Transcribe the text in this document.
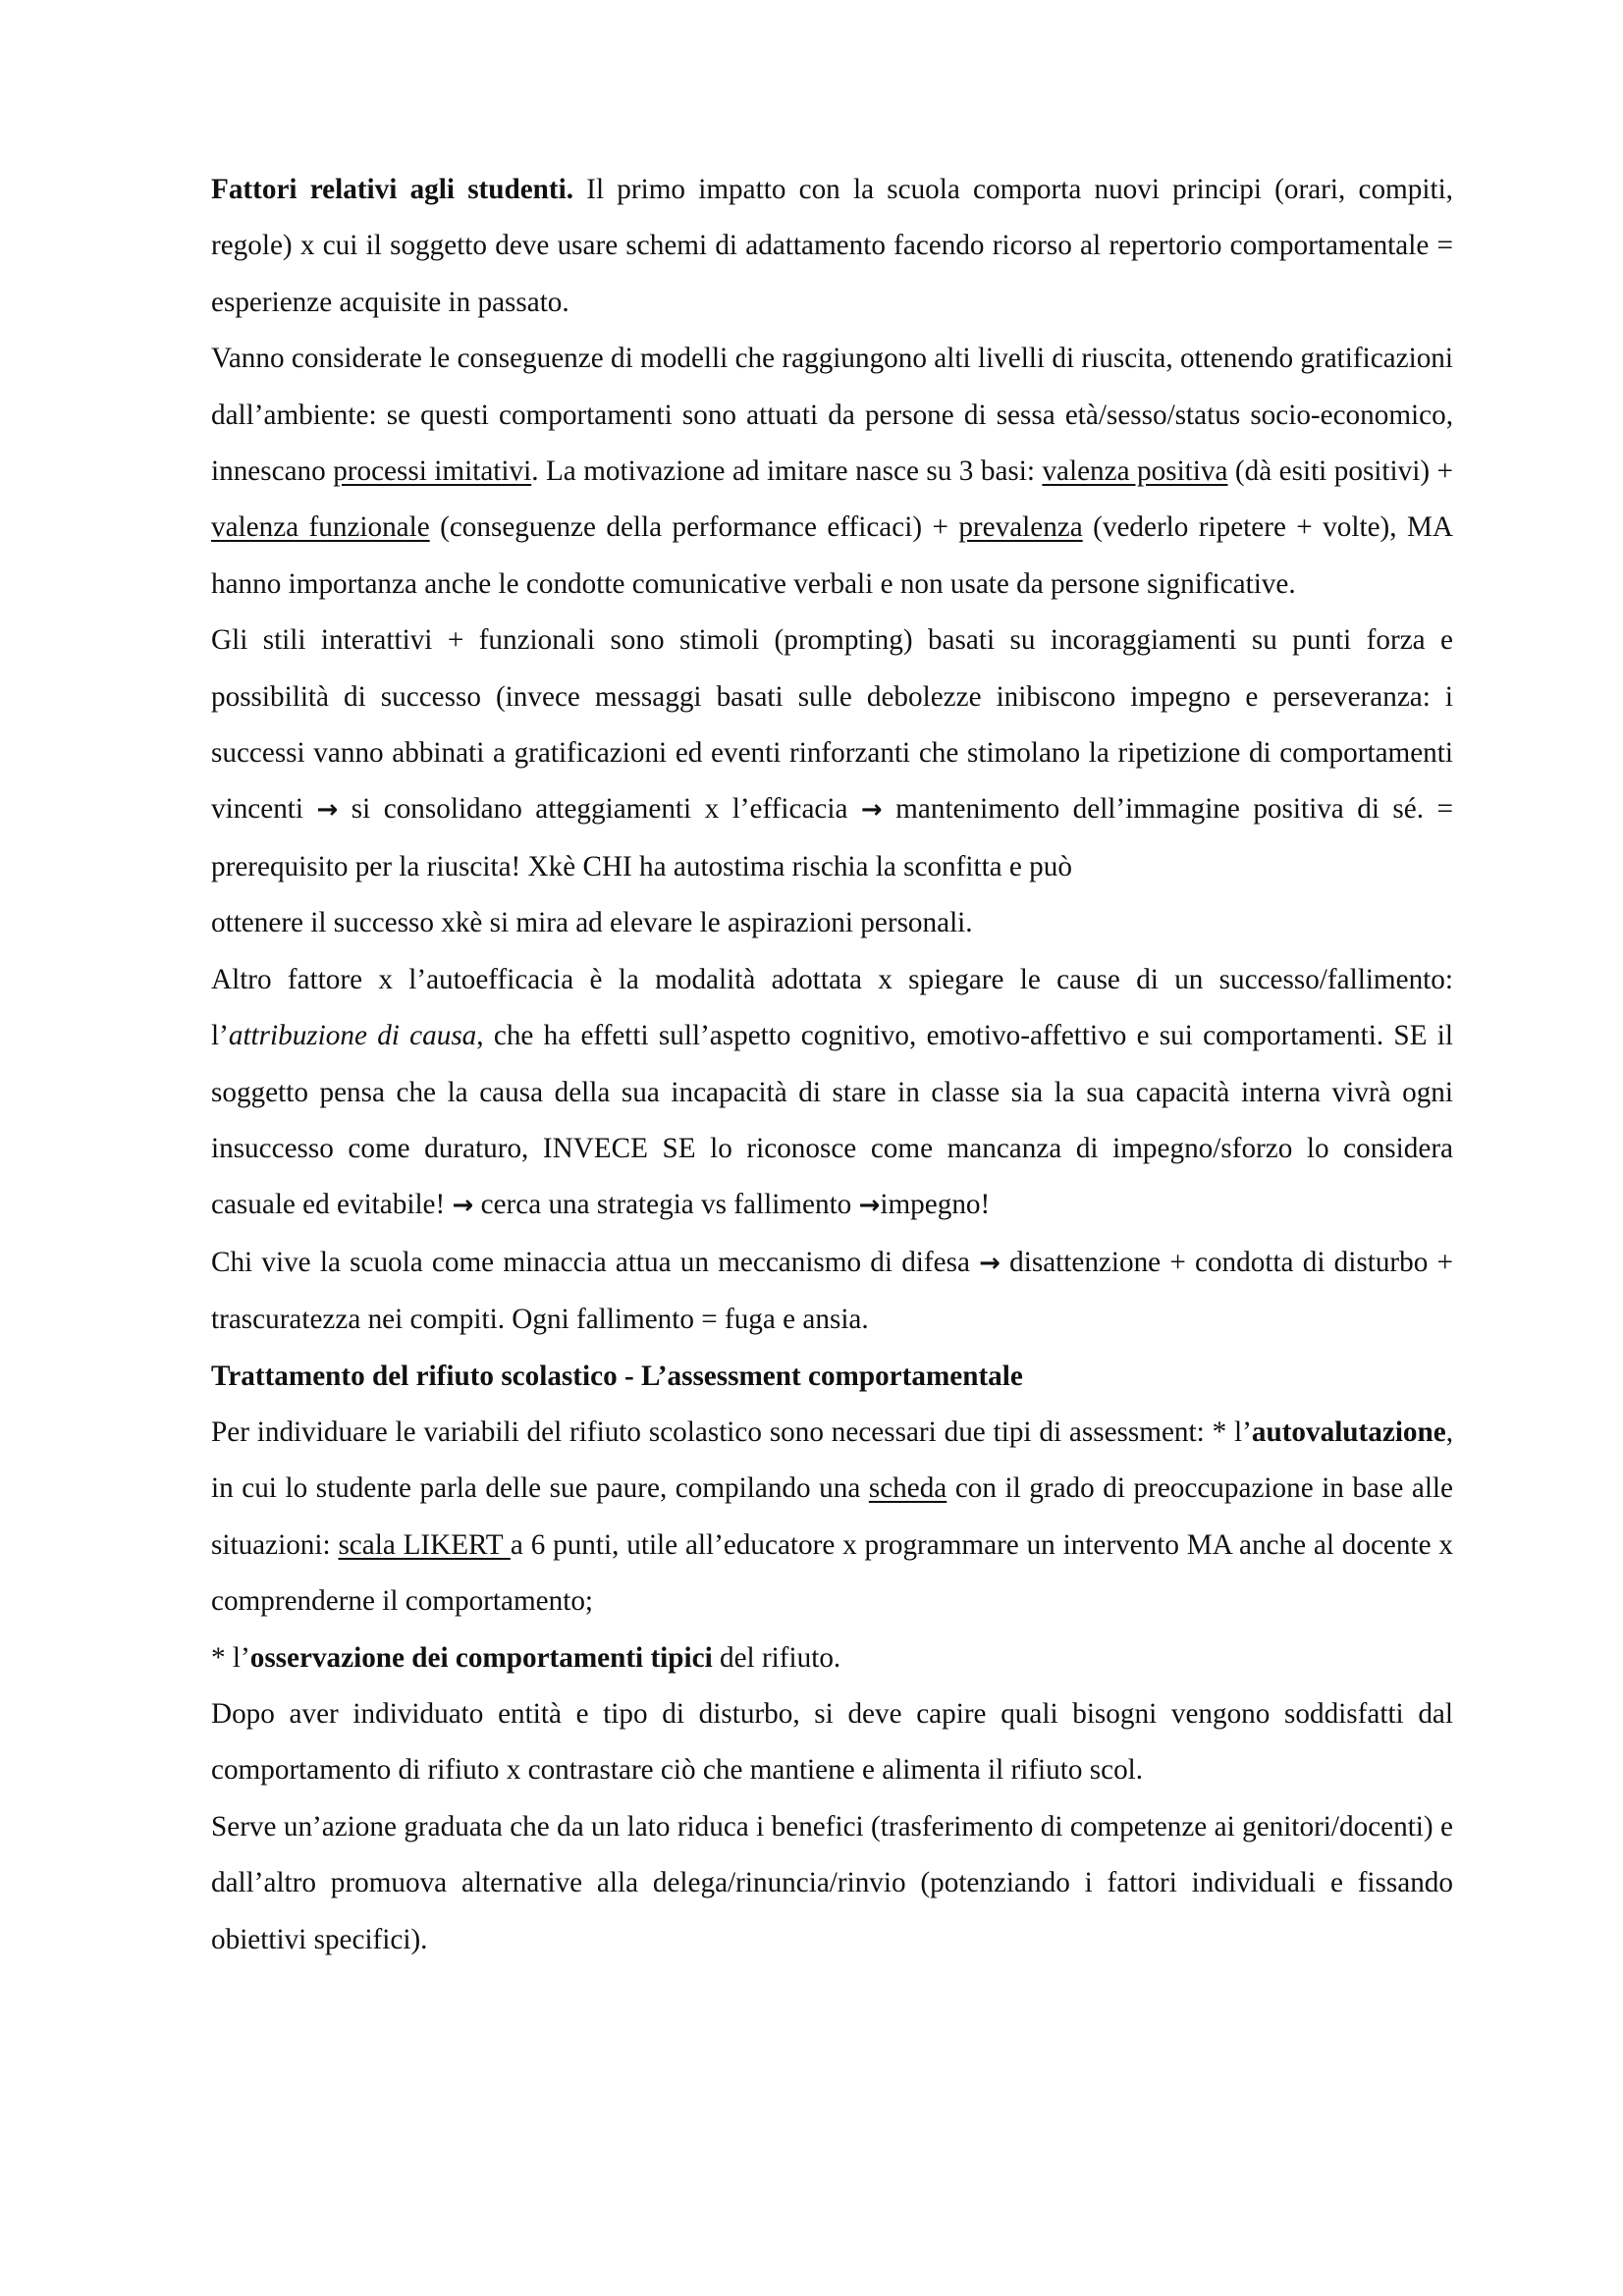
Fattori relativi agli studenti. Il primo impatto con la scuola comporta nuovi principi (orari, compiti, regole) x cui il soggetto deve usare schemi di adattamento facendo ricorso al repertorio comportamentale = esperienze acquisite in passato.

Vanno considerate le conseguenze di modelli che raggiungono alti livelli di riuscita, ottenendo gratificazioni dall’ambiente: se questi comportamenti sono attuati da persone di sessa età/sesso/status socio-economico, innescano processi imitativi. La motivazione ad imitare nasce su 3 basi: valenza positiva (dà esiti positivi) + valenza funzionale (conseguenze della performance efficaci) + prevalenza (vederlo ripetere + volte), MA hanno importanza anche le condotte comunicative verbali e non usate da persone significative.

Gli stili interattivi + funzionali sono stimoli (prompting) basati su incoraggiamenti su punti forza e possibilità di successo (invece messaggi basati sulle debolezze inibiscono impegno e perseveranza: i successi vanno abbinati a gratificazioni ed eventi rinforzanti che stimolano la ripetizione di comportamenti vincenti → si consolidano atteggiamenti x l’efficacia → mantenimento dell’immagine positiva di sé. = prerequisito per la riuscita! Xkè CHI ha autostima rischia la sconfitta e può

ottenere il successo xkè si mira ad elevare le aspirazioni personali.

Altro fattore x l’autoefficacia è la modalità adottata x spiegare le cause di un successo/fallimento: l’attribuzione di causa, che ha effetti sull’aspetto cognitivo, emotivo-affettivo e sui comportamenti. SE il soggetto pensa che la causa della sua incapacità di stare in classe sia la sua capacità interna vivrà ogni insuccesso come duraturo, INVECE SE lo riconosce come mancanza di impegno/sforzo lo considera casuale ed evitabile! → cerca una strategia vs fallimento →impegno!

Chi vive la scuola come minaccia attua un meccanismo di difesa → disattenzione + condotta di disturbo + trascuratezza nei compiti. Ogni fallimento = fuga e ansia.

Trattamento del rifiuto scolastico - L’assessment comportamentale

Per individuare le variabili del rifiuto scolastico sono necessari due tipi di assessment: * l’autovalutazione, in cui lo studente parla delle sue paure, compilando una scheda con il grado di preoccupazione in base alle situazioni: scala LIKERT a 6 punti, utile all’educatore x programmare un intervento MA anche al docente x comprenderne il comportamento;

* l’osservazione dei comportamenti tipici del rifiuto.

Dopo aver individuato entità e tipo di disturbo, si deve capire quali bisogni vengono soddisfatti dal comportamento di rifiuto x contrastare ciò che mantiene e alimenta il rifiuto scol.

Serve un’azione graduata che da un lato riduca i benefici (trasferimento di competenze ai genitori/docenti) e dall’altro promuova alternative alla delega/rinuncia/rinvio (potenziando i fattori individuali e fissando obiettivi specifici).
